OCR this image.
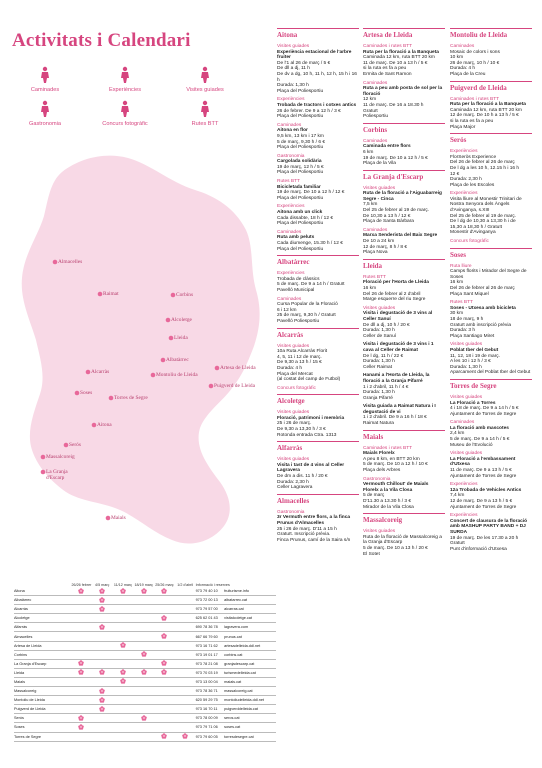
Activitats i Calendari
Caminades	Experiències	Visites guiades
Gastronomia	Concurs fotogràfic	Rutes BTT
Almacelles
Raimat	Corbins
Alcoletge
Lleida
Alcarràs	Montoliu de Lleida
Albatàrrec
Artesa de Lleida
Puigverd de Lleida
Soses
Torres de Segre
Aitona
Serós
Massalcoreig
La Granja d'Escarp
Maials
	26/26 febrer	4/5 març	11/12 març	18/19 març	25/26 març	1/2 d'abril	Informació i reserves	
Aitona							973 79 40 10	fruiturisme.info
Albatàrrec							973 72 00 13	albatarrec.cat
Alcarràs							973 79 57 00	alcarras.cat
Alcoletge							625 62 01 43	visitalcoletge.cat
Alfarràs							690 78 36 78	lagravera.com
Almacelles							667 66 79 60	prunus.cat
Artesa de Lleida							973 16 71 62	artesadelleida.ddl.net
Corbins							973 19 01 17	corbins.cat
La Granja d'Escarp							973 78 21 08	granjadescarp.cat
Lleida							973 70 03 19	turismedelleida.cat
Maials							973 13 00 04	maials.cat
Massalcoreig							973 78 36 71	massalcoreig.cat
Montoliu de Lleida							620 59 29 75	montoliudelleida.ddl.net
Puigverd de Lleida							973 16 70 11	puigverddelleida.cat
Serós							973 78 00 09	seros.cat
Soses							973 79 71 06	soses.cat
Torres de Segre							973 79 60 05	torresdesegre.cat
Aitona
Visites guiades
Experiència estacional de l'arbre fruiter
De l'1 al 26 de març / 5 €
De dll a dj, 11 h
De dv a dg, 10 h, 11 h, 12 h, 15 h i 16 h
Durada: 1,30 h
Plaça del Poliesportiu
Experiències
Trobada de tractors i cotxes antics
26 de febrer. De 9 a 12 h / 3 €
Plaça del Poliesportiu
Caminades
Aitona en flor
9,5 km, 13 km i 17 km
5 de març, 9,30 h / 6 €
Plaça del Poliesportiu
Gastronomia
Cargolada solidària
19 de març, 12 h / 5 €
Plaça del Poliesportiu
Rutes BTT
Bicicletada familiar
19 de març. De 10 a 12 h / 12 €
Plaça del Poliesportiu
Experiències
Aitona amb un click
Cada dissabte, 18 h / 12 €
Plaça del Poliesportiu
Caminades
Ruta amb peluts
Cada diumenge, 15.30 h / 12 €
Plaça del Poliesportiu
Albatàrrec
Experiències
Trobada de clàssics
5 de març. De 9 a 14 h / Gratuït
Pavelló Municipal
Caminades
Cursa Popular de la Floració
6 i 12 km
25 de març, 9,30 h / Gratuït
Pavelló Poliesportiu
Alcarràs
Visites guiades
10a Ruta Alcarràs Florit
4, 5, 11 i 12 de març.
De 9,30 a 13 h / 15 €
Durada: 4 h
Plaça del Mercat
(al costat del camp de Futbol)
Concurs fotogràfic
Alcoletge
Visites guiades
Floració, patrimoni i memòria
25 i 26 de març.
De 9,30 a 13,30 h / 3 €
Rotonda entrada Ctra. 1313
Alfarràs
Visites guiades
Visita i tast de 4 vins al Celler Lagravera
De dm a dis. 11 h / 20 €
Durada: 2,30 h
Celler Lagravera
Almacelles
Gastronomia
3r Vermuth entre flors, a la finca Prunus d'Almacelles
25 i 26 de març. D'11 a 15 h
Gratuït. Inscripció prèvia.
Finca Prunus, camí de la Saira s/n
Artesa de Lleida
Caminades i rutes BTT
Ruta per la floració a la Banqueta
Caminada 12 km, ruta BTT 20 km
11 de març. De 10 a 13 h / 5 €
si la ruta es fa a peu
Ermita de Sant Ramon
Caminades
Ruta a peu amb posta de sol per la floració
12 km
11 de març. De 16 a 18.30 h
Gratuït
Poliesportiu
Corbins
Caminades
Caminada entre flors
6 km
19 de març. De 10 a 12 h / 5 €
Plaça de la Vila
La Granja d'Escarp
Visites guiades
Ruta de la floració a l'Aiguabarreig Segre - Cinca
7,5 km
Del 25 de febrer al 19 de març.
De 10,30 a 13 h / 12 €
Plaça de Santa Bàrbara
Caminades
Marxa Senderista del Baix Segre
De 10 a 24 km
12 de març, 8 h / 8 €
Plaça Nova
Lleida
Rutes BTT
Floració per l'Horta de Lleida
16 km
Del 26 de febrer al 2 d'abril
Marge esquerre del riu Segre
Visites guiades
Visita i degustació de 3 vins al Celler Sanuí
De dll a dj, 10 h / 20 €
Durada: 1,30 h
Celler de Sanuí
Visita i degustació de 3 vins i 1 cava al Celler de Raimat
De l dg, 11 h / 22 €
Durada: 1,30 h
Celler Raimat
Hanami a l'Horta de Lleida, la floració a la Granja Pifarré
1 i 2 d'abril, 11 h / 4 €
Durada: 1,30 h
Granja Pifarré
Visita guiada a Raimat Natura i I degustació de vi
1 i 2 d'abril. De 9 a 16 h / 18 €
Raimat Natura
Maials
Caminades i rutes BTT
Maials Florelx
A peu 8 km, en BTT 20 km
5 de març. De 10 a 12 h / 10 €
Plaça dels Arbres
Gastronomia
Vermouth Chillout' de Maials Florelx a la Vila Closa
5 de març
D'11.30 a 13.30 h / 3 €
Mirador de la Vila Closa
Massalcoreig
Visites guiades
Ruta de la floració de Massalcoreig a la Granja d'Escarp
5 de març. De 10 a 13 h / 20 €
El Sotet
Montoliu de Lleida
Caminades
Mosaic de colors i sons
10 km
26 de març, 10 h / 10 €
Durada: 4 h
Plaça de la Creu
Puigverd de Lleida
Caminades i rutes BTT
Ruta per la floració a la Banqueta
Caminada 12 km, ruta BTT 20 km
12 de març. De 10 h a 13 h / 5 €
si la ruta es fa a peu
Plaça Major
Serós
Experiències
FlorSeròs Experience
Del 26 de febrer al 26 de març
De l dg a les 10 h, 12.15 h i 16 h
12 €
Durada: 2,30 h
Plaça de les Escoles
Experiències
Visita lliure al Monestir Trinitari de Nostra Senyora dels Àngels d'Avinganya, s.XIII
Del 25 de febrer al 19 de març.
De l dg de 10,30 a 13,30 h i de
15,30 a 18,30 h / Gratuït
Monestir d'Avinganya
Concurs fotogràfic
Soses
Ruta lliure
Camps florits i Mirador del Segre de Soses
16 km
Del 26 de febrer al 26 de març
Plaça Sant Miquel
Rutes BTT
Soses - Utxesa amb bicicleta
30 km
18 de març, 9 h
Gratuït amb inscripció prèvia
Durada: 3 h
Plaça Santiago Miret
Visites guiades
Poblat Iber del Gebut
11, 12, 18 i 19 de març.
A les 10 i 12 h / 3 €
Durada: 1,30 h
Aparcament del Poblat Iber del Gebut
Torres de Segre
Visites guiades
La Floració a Torres
4 i 18 de març. De 9 a 14 h / 5 €
Ajuntament de Torres de Segre
Caminades
La floració amb mascotes
2,4 km
5 de març. De 9 a 14 h / 5 €
Museu de l'Evolució
Visites guiades
La Floració a l'embassament d'Utxesa
11 de març. De 9 a 13 h / 5 €
Ajuntament de Torres de Segre
Experiències
12a Trobada de Vehicles Antics
7,4 km
12 de març. De 9 a 13 h / 5 €
Ajuntament de Torres de Segre
Experiències
Concert de clausura de la floració amb MASHUP PARTY BAND + DJ SURDA
19 de març. De les 17.30 a 20 h
Gratuït
Punt d'informació d'Utxesa
